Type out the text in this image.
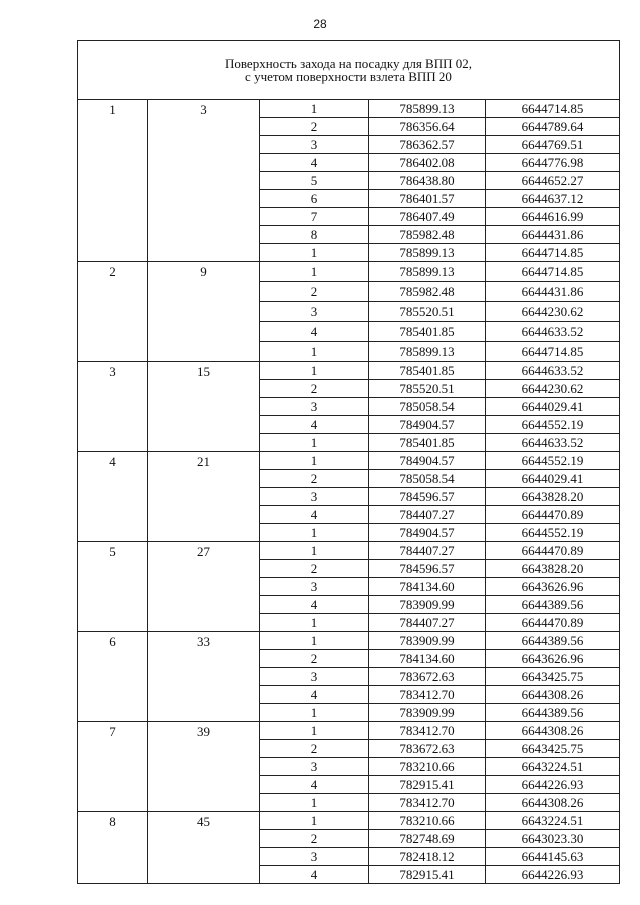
28
Поверхность захода на посадку для ВПП 02,
с учетом поверхности взлета ВПП 20				

1	3	1	785899.13	6644714.85
		2	786356.64	6644789.64
		3	786362.57	6644769.51
		4	786402.08	6644776.98
		5	786438.80	6644652.27
		6	786401.57	6644637.12
		7	786407.49	6644616.99
		8	785982.48	6644431.86
		1	785899.13	6644714.85
2	9	1	785899.13	6644714.85
		2	785982.48	6644431.86
		3	785520.51	6644230.62
		4	785401.85	6644633.52
		1	785899.13	6644714.85
3	15	1	785401.85	6644633.52
		2	785520.51	6644230.62
		3	785058.54	6644029.41
		4	784904.57	6644552.19
		1	785401.85	6644633.52
4	21	1	784904.57	6644552.19
		2	785058.54	6644029.41
		3	784596.57	6643828.20
		4	784407.27	6644470.89
		1	784904.57	6644552.19
5	27	1	784407.27	6644470.89
		2	784596.57	6643828.20
		3	784134.60	6643626.96
		4	783909.99	6644389.56
		1	784407.27	6644470.89
6	33	1	783909.99	6644389.56
		2	784134.60	6643626.96
		3	783672.63	6643425.75
		4	783412.70	6644308.26
		1	783909.99	6644389.56
7	39	1	783412.70	6644308.26
		2	783672.63	6643425.75
		3	783210.66	6643224.51
		4	782915.41	6644226.93
		1	783412.70	6644308.26
8	45	1	783210.66	6643224.51
		2	782748.69	6643023.30
		3	782418.12	6644145.63
		4	782915.41	6644226.93
